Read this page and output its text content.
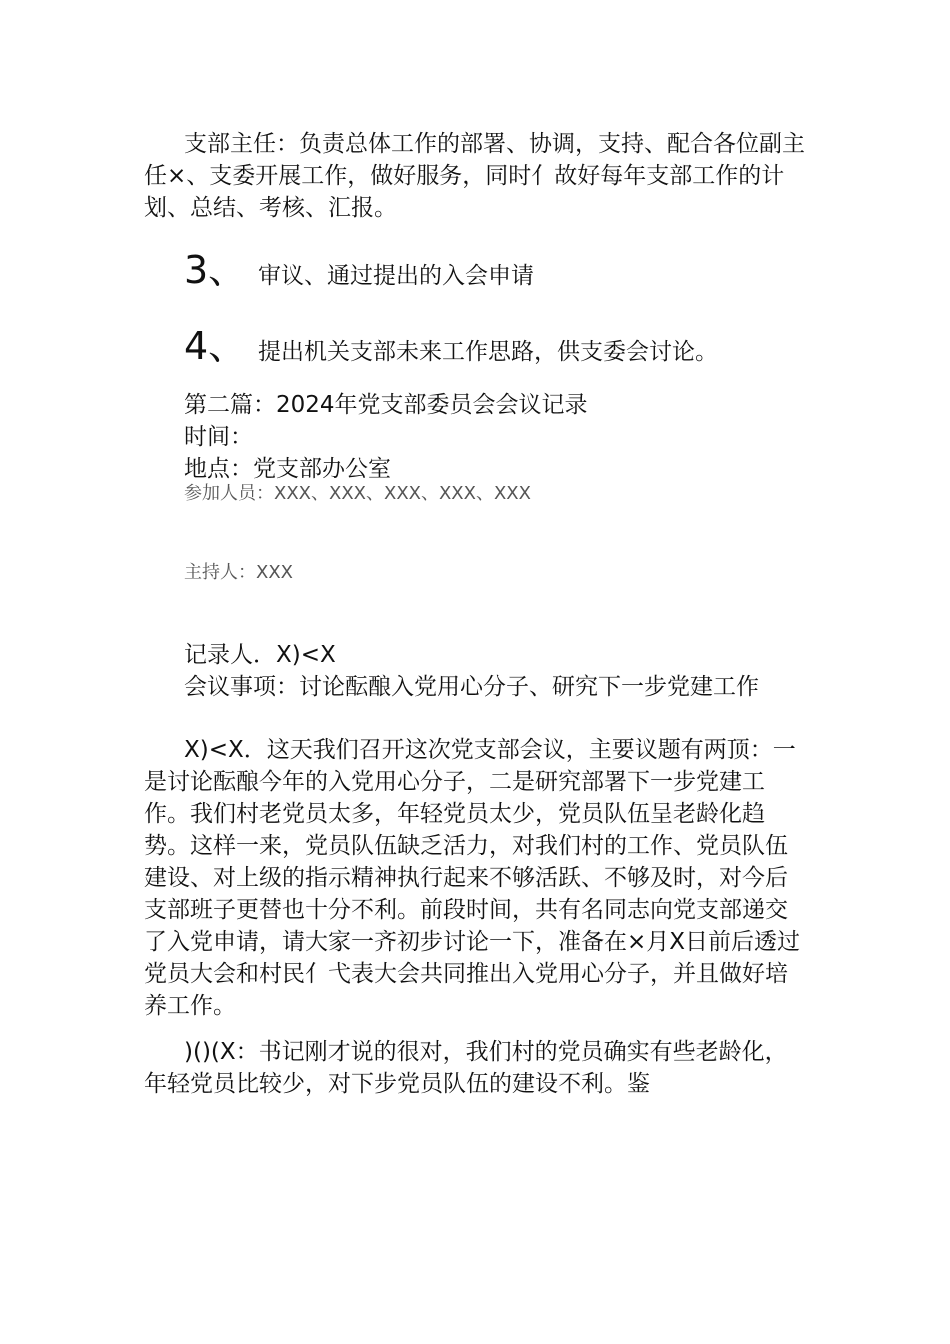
支部主任：负责总体工作的部署、协调，支持、配合各位副主任×、支委开展工作，做好服务，同时亻故好每年支部工作的计划、总结、考核、汇报。

3、 审议、通过提出的入会申请
4、 提出机关支部未来工作思路，供支委会讨论。

第二篇：2024年党支部委员会会议记录

时间：

地点：党支部办公室

参加人员：XXX、XXX、XXX、XXX、XXX

主持人：XXX

记录人．X)<X

会议事项：讨论酝酿入党用心分子、研究下一步党建工作

X)<X．这天我们召开这次党支部会议，主要议题有两顶：一是讨论酝酿今年的入党用心分子，二是研究部署下一步党建工作。我们村老党员太多，年轻党员太少，党员队伍呈老龄化趋势。这样一来，党员队伍缺乏活力，对我们村的工作、党员队伍建设、对上级的指示精神执行起来不够活跃、不够及时，对今后支部班子更替也十分不利。前段时间，共有名同志向党支部递交了入党申请，请大家一齐初步讨论一下，准备在×月X日前后透过党员大会和村民亻弋表大会共同推出入党用心分子，并且做好培养工作。

)()(X：书记刚才说的很对，我们村的党员确实有些老龄化，年轻党员比较少，对下步党员队伍的建设不利。鉴
